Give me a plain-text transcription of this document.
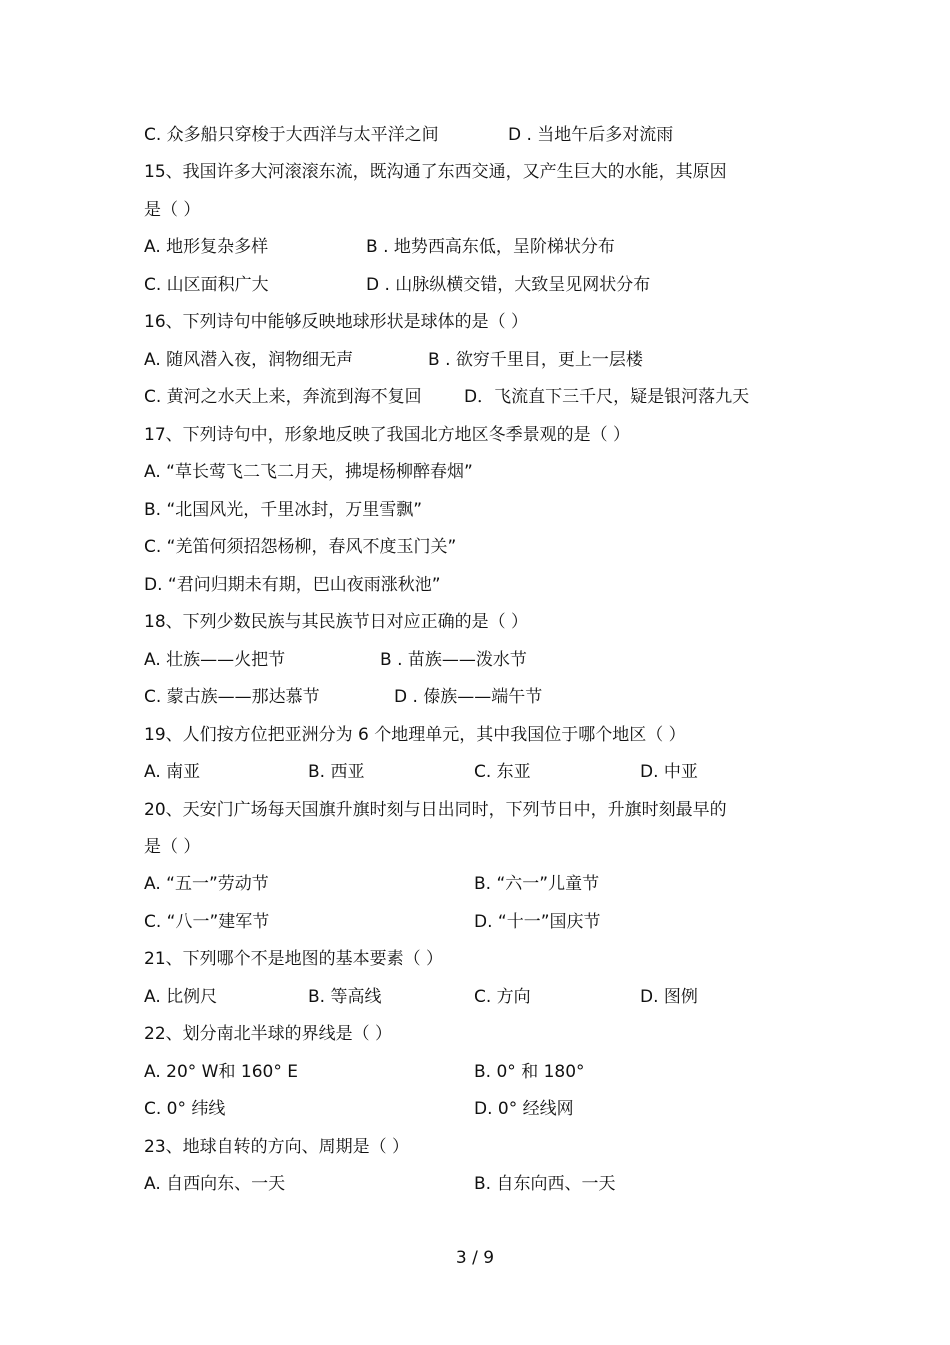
C. 众多船只穿梭于大西洋与太平洋之间	D . 当地午后多对流雨
15、我国许多大河滚滚东流，既沟通了东西交通，又产生巨大的水能，其原因
是（ ）
A. 地形复杂多样	B . 地势西高东低，呈阶梯状分布
C. 山区面积广大	D . 山脉纵横交错，大致呈见网状分布
16、下列诗句中能够反映地球形状是球体的是（ ）
A. 随风潜入夜，润物细无声	B . 欲穷千里目，更上一层楼
C. 黄河之水天上来，奔流到海不复回 D．飞流直下三千尺，疑是银河落九天
17、下列诗句中，形象地反映了我国北方地区冬季景观的是（ ）
A. “草长莺飞二飞二月天，拂堤杨柳醉春烟”
B. “北国风光，千里冰封，万里雪飘”
C. “羌笛何须招怨杨柳，春风不度玉门关”
D. “君问归期未有期，巴山夜雨涨秋池”
18、下列少数民族与其民族节日对应正确的是（ ）
A. 壮族——火把节	B . 苗族——泼水节
C. 蒙古族——那达慕节	D . 傣族——端午节
19、人们按方位把亚洲分为 6 个地理单元，其中我国位于哪个地区（ ）
A. 南亚	B. 西亚	C. 东亚	D. 中亚
20、天安门广场每天国旗升旗时刻与日出同时，下列节日中，升旗时刻最早的
是（ ）
A. “五一”劳动节	B. “六一”儿童节
C. “八一”建军节	D. “十一”国庆节
21、下列哪个不是地图的基本要素（ ）
A. 比例尺	B. 等高线	C. 方向	D. 图例
22、划分南北半球的界线是（ ）
A. 20° W和 160° E	B. 0° 和 180°
C. 0° 纬线	D. 0° 经线网
23、地球自转的方向、周期是（ ）
A. 自西向东、一天	B. 自东向西、一天
3 / 9
